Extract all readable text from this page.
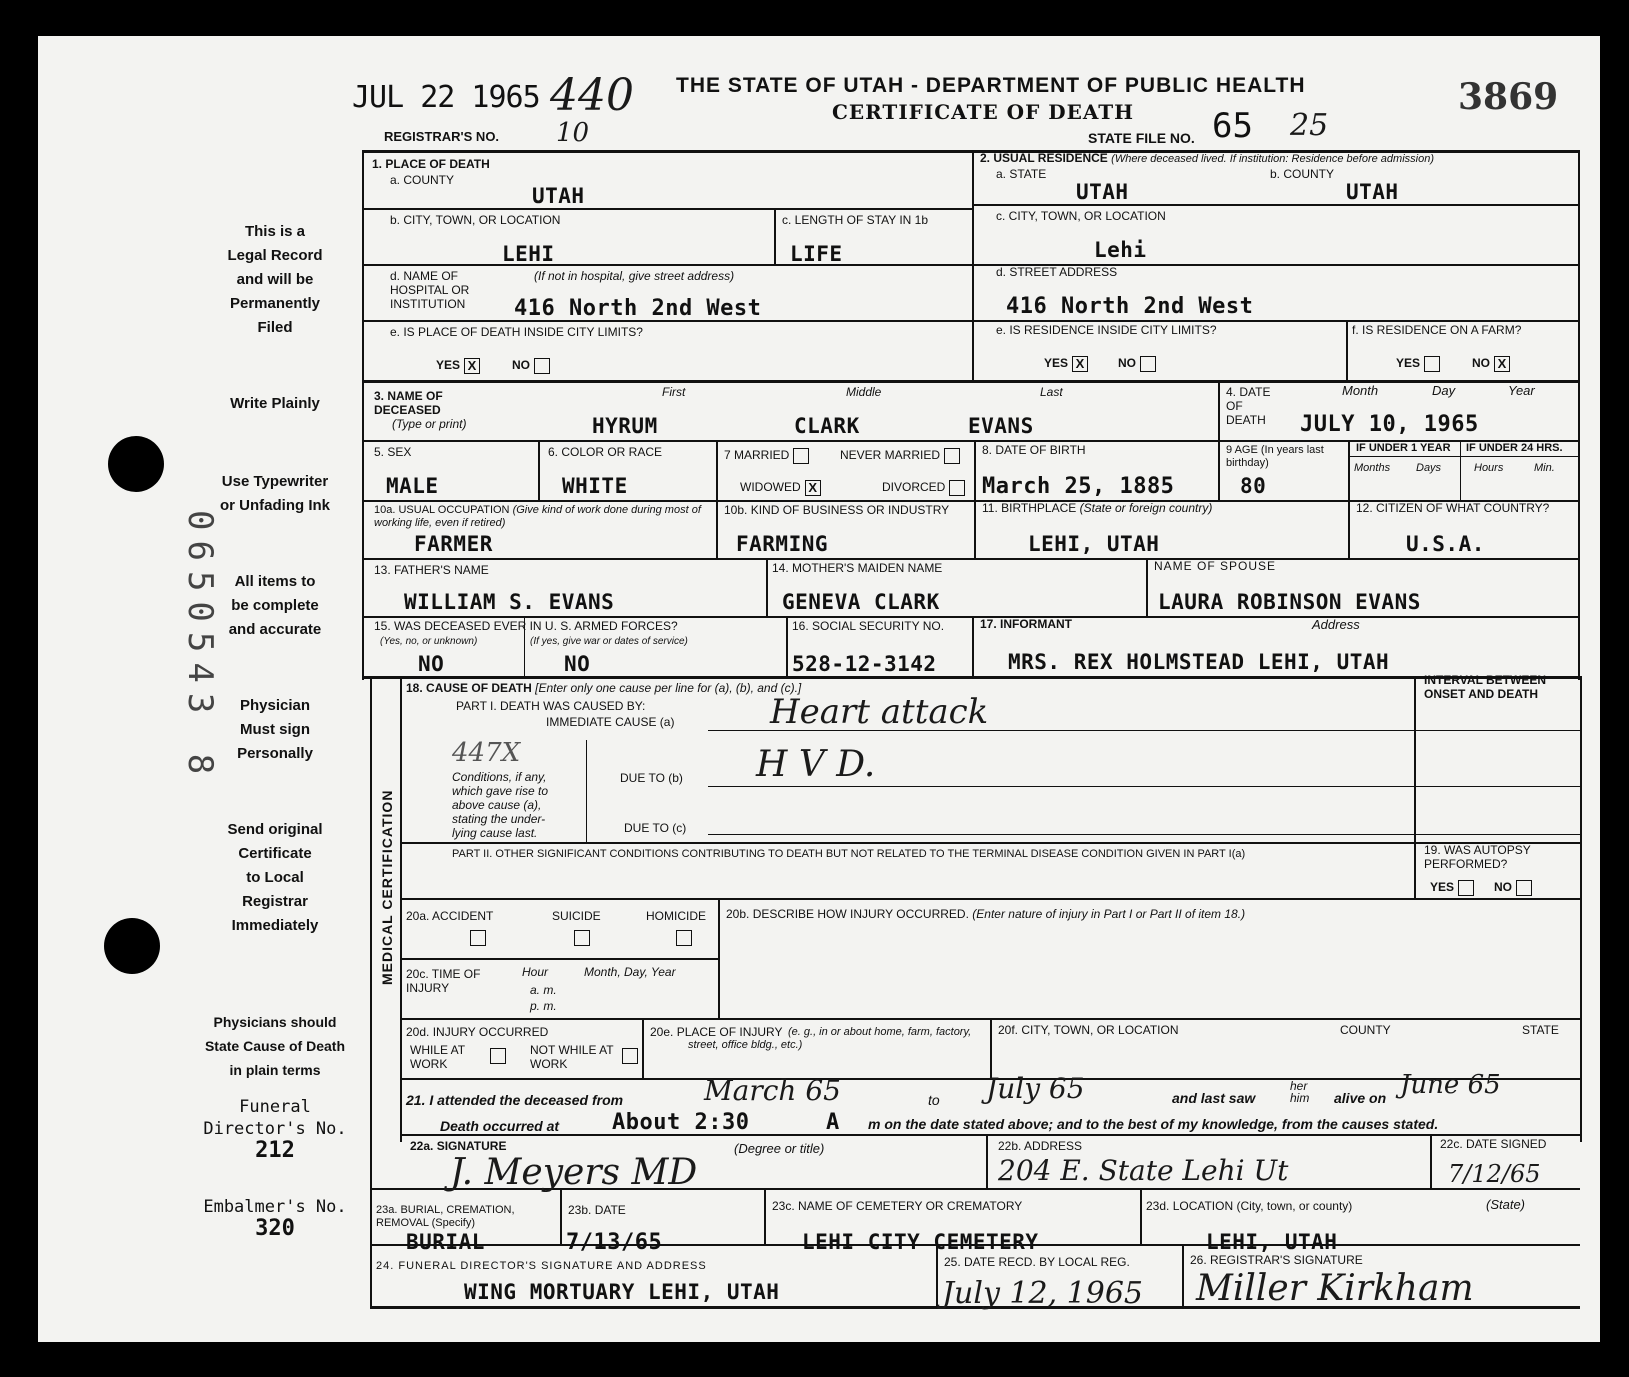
0650543 8
JUL 22 1965 440
REGISTRAR'S NO. 10
THE STATE OF UTAH - DEPARTMENT OF PUBLIC HEALTH
CERTIFICATE OF DEATH
STATE FILE NO. 65 25
3869
This is a
Legal Record
and will be
Permanently
Filed
Write Plainly
Use Typewriter
or Unfading Ink
All items to
be complete
and accurate
Physician
Must sign
Personally
Send original
Certificate
to Local
Registrar
Immediately
Physicians should
State Cause of Death
in plain terms
Funeral
Director's No.
212
Embalmer's No.
320
1. PLACE OF DEATH
a. COUNTY
UTAH
2. USUAL RESIDENCE (Where deceased lived. If institution: Residence before admission)
a. STATE	b. COUNTY
UTAH	UTAH
b. CITY, TOWN, OR LOCATION
LEHI
c. LENGTH OF STAY IN 1b
LIFE
c. CITY, TOWN, OR LOCATION
Lehi
d. NAME OF HOSPITAL OR INSTITUTION
(If not in hospital, give street address)
416 North 2nd West
d. STREET ADDRESS
416 North 2nd West
e. IS PLACE OF DEATH INSIDE CITY LIMITS?
YES X	NO
e. IS RESIDENCE INSIDE CITY LIMITS?
YES X	NO
f. IS RESIDENCE ON A FARM?
YES	NO X
3. NAME OF DECEASED
(Type or print)
First	Middle	Last
HYRUM	CLARK	EVANS
4. DATE OF DEATH
Month	Day	Year
JULY 10, 1965
5. SEX
MALE
6. COLOR OR RACE
WHITE
7 MARRIED	NEVER MARRIED
WIDOWED X	DIVORCED
8. DATE OF BIRTH
March 25, 1885
9 AGE (In years last birthday)
80
IF UNDER 1 YEAR IF UNDER 24 HRS.
Months Days	Hours	Min.
10a. USUAL OCCUPATION (Give kind of work done during most of working life, even if retired)
FARMER
10b. KIND OF BUSINESS OR INDUSTRY
FARMING
11. BIRTHPLACE (State or foreign country)
LEHI, UTAH
12. CITIZEN OF WHAT COUNTRY?
U.S.A.
13. FATHER'S NAME
WILLIAM S. EVANS
14. MOTHER'S MAIDEN NAME
GENEVA CLARK
NAME OF SPOUSE
LAURA ROBINSON EVANS
15. WAS DECEASED EVER IN U. S. ARMED FORCES?
(Yes, no, or unknown)	(If yes, give war or dates of service)
NO	NO
16. SOCIAL SECURITY NO.
528-12-3142
17. INFORMANT	Address
MRS. REX HOLMSTEAD LEHI, UTAH
MEDICAL CERTIFICATION
18. CAUSE OF DEATH [Enter only one cause per line for (a), (b), and (c).]
PART I. DEATH WAS CAUSED BY:
IMMEDIATE CAUSE (a)	Heart attack
447X
Conditions, if any,
which gave rise to
above cause (a),
stating the under-
lying cause last.
DUE TO (b) H V D.
DUE TO (c)
INTERVAL BETWEEN ONSET AND DEATH
PART II. OTHER SIGNIFICANT CONDITIONS CONTRIBUTING TO DEATH BUT NOT RELATED TO THE TERMINAL DISEASE CONDITION GIVEN IN PART I(a)	19. WAS AUTOPSY PERFORMED?
YES	NO
20a. ACCIDENT	SUICIDE	HOMICIDE 20b. DESCRIBE HOW INJURY OCCURRED. (Enter nature of injury in Part I or Part II of item 18.)
20c. TIME OF INJURY
Hour
a. m.
p. m.
Month, Day, Year
20d. INJURY OCCURRED
WHILE AT WORK
NOT WHILE AT WORK
20e. PLACE OF INJURY (e. g., in or about home, farm, factory, street, office bldg., etc.)
20f. CITY, TOWN, OR LOCATION	COUNTY	STATE
21. I attended the deceased from	March 65	to July 65	and last saw
her
him alive on June 65
Death occurred at About 2:30	A m on the date stated above; and to the best of my knowledge, from the causes stated.
22a. SIGNATURE	(Degree or title)
J. Meyers MD
22b. ADDRESS
204 E. State Lehi Ut
22c. DATE SIGNED
7/12/65
23a. BURIAL, CREMATION, REMOVAL (Specify)
BURIAL
23b. DATE
7/13/65
23c. NAME OF CEMETERY OR CREMATORY
LEHI CITY CEMETERY
23d. LOCATION (City, town, or county)	(State)
LEHI, UTAH
24. FUNERAL DIRECTOR'S SIGNATURE AND ADDRESS
WING MORTUARY LEHI, UTAH
25. DATE RECD. BY LOCAL REG.
July 12, 1965
26. REGISTRAR'S SIGNATURE
Miller Kirkham
